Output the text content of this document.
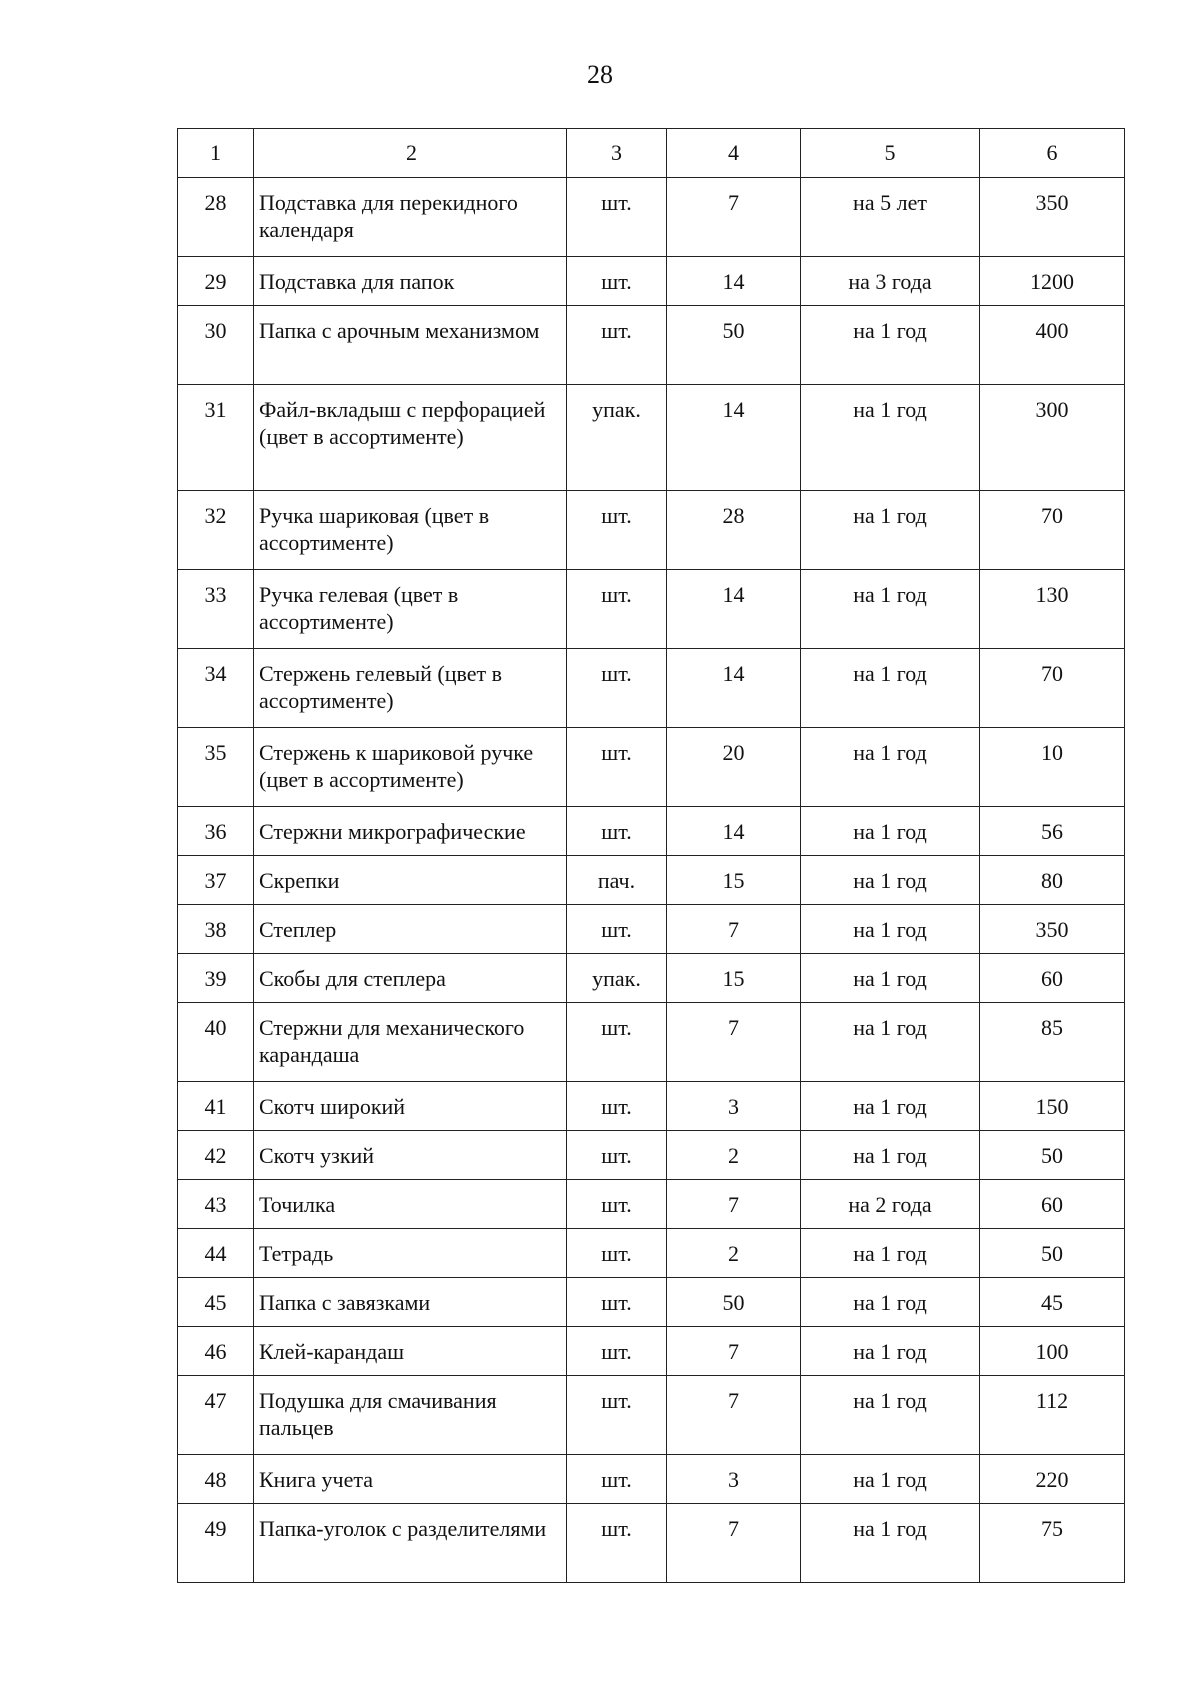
28
1	2	3	4	5	6
28	Подставка для перекидного календаря	шт.	7	на 5 лет	350
29	Подставка для папок	шт.	14	на 3 года	1200
30	Папка с арочным механизмом	шт.	50	на 1 год	400
31	Файл-вкладыш с перфорацией (цвет в ассортименте)	упак.	14	на 1 год	300
32	Ручка шариковая (цвет в ассортименте)	шт.	28	на 1 год	70
33	Ручка гелевая (цвет в ассортименте)	шт.	14	на 1 год	130
34	Стержень гелевый (цвет в ассортименте)	шт.	14	на 1 год	70
35	Стержень к шариковой ручке (цвет в ассортименте)	шт.	20	на 1 год	10
36	Стержни микрографические	шт.	14	на 1 год	56
37	Скрепки	пач.	15	на 1 год	80
38	Степлер	шт.	7	на 1 год	350
39	Скобы для степлера	упак.	15	на 1 год	60
40	Стержни для механического карандаша	шт.	7	на 1 год	85
41	Скотч широкий	шт.	3	на 1 год	150
42	Скотч узкий	шт.	2	на 1 год	50
43	Точилка	шт.	7	на 2 года	60
44	Тетрадь	шт.	2	на 1 год	50
45	Папка с завязками	шт.	50	на 1 год	45
46	Клей-карандаш	шт.	7	на 1 год	100
47	Подушка для смачивания пальцев	шт.	7	на 1 год	112
48	Книга учета	шт.	3	на 1 год	220
49	Папка-уголок с разделителями	шт.	7	на 1 год	75
